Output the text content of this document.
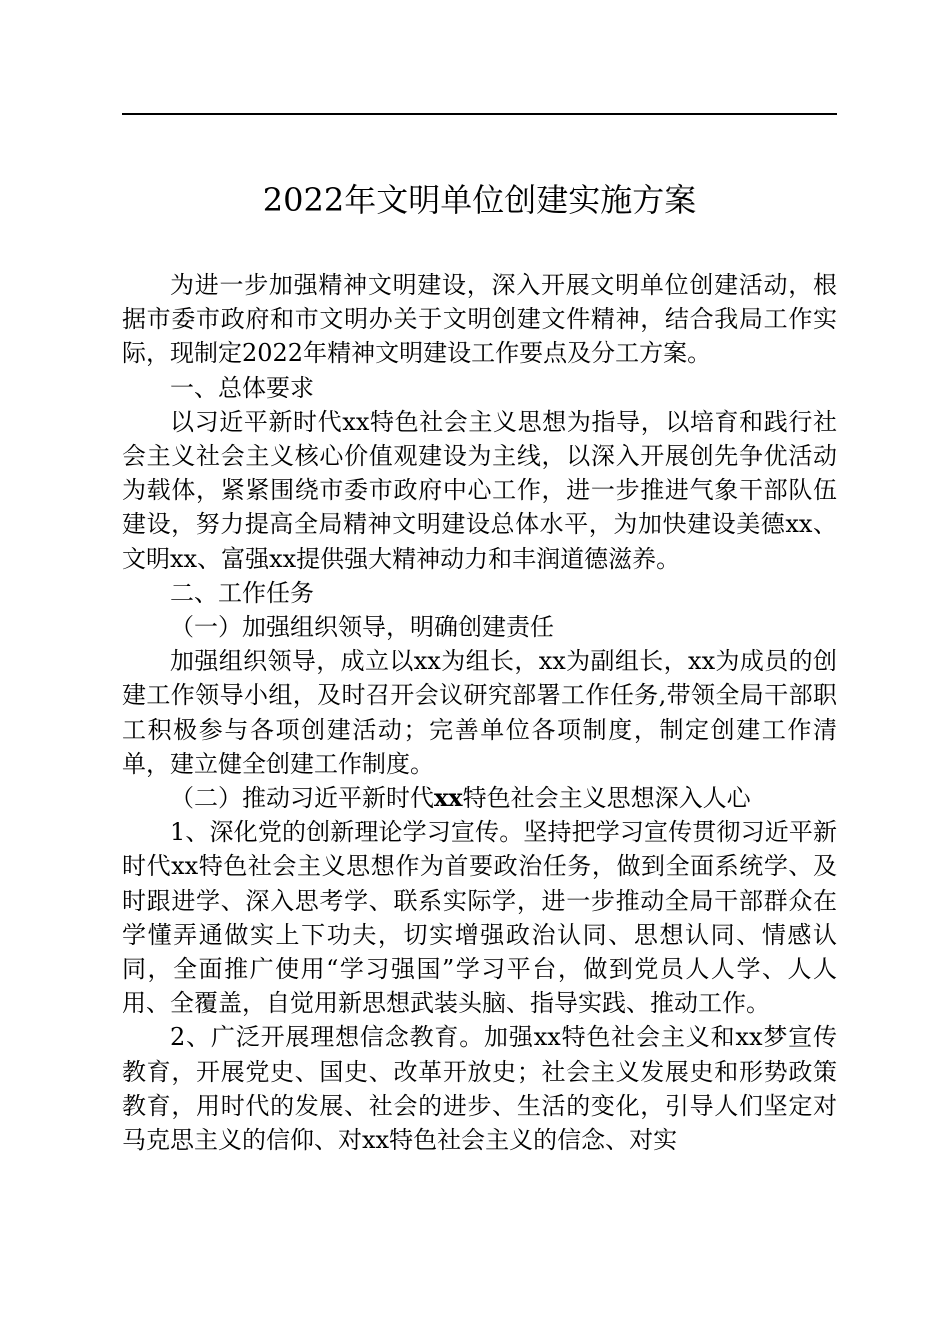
2022年文明单位创建实施方案

为进一步加强精神文明建设，深入开展文明单位创建活动，根据市委市政府和市文明办关于文明创建文件精神，结合我局工作实际，现制定2022年精神文明建设工作要点及分工方案。

一、总体要求

以习近平新时代xx特色社会主义思想为指导，以培育和践行社会主义社会主义核心价值观建设为主线，以深入开展创先争优活动为载体，紧紧围绕市委市政府中心工作，进一步推进气象干部队伍建设，努力提高全局精神文明建设总体水平，为加快建设美德xx、文明xx、富强xx提供强大精神动力和丰润道德滋养。

二、工作任务

（一）加强组织领导，明确创建责任

加强组织领导，成立以xx为组长，xx为副组长，xx为成员的创建工作领导小组，及时召开会议研究部署工作任务,带领全局干部职工积极参与各项创建活动；完善单位各项制度，制定创建工作清单，建立健全创建工作制度。

（二）推动习近平新时代xx特色社会主义思想深入人心

1、深化党的创新理论学习宣传。坚持把学习宣传贯彻习近平新时代xx特色社会主义思想作为首要政治任务，做到全面系统学、及时跟进学、深入思考学、联系实际学，进一步推动全局干部群众在学懂弄通做实上下功夫，切实增强政治认同、思想认同、情感认同，全面推广使用“学习强国”学习平台，做到党员人人学、人人用、全覆盖，自觉用新思想武装头脑、指导实践、推动工作。

2、广泛开展理想信念教育。加强xx特色社会主义和xx梦宣传教育，开展党史、国史、改革开放史；社会主义发展史和形势政策教育，用时代的发展、社会的进步、生活的变化，引导人们坚定对马克思主义的信仰、对xx特色社会主义的信念、对实
